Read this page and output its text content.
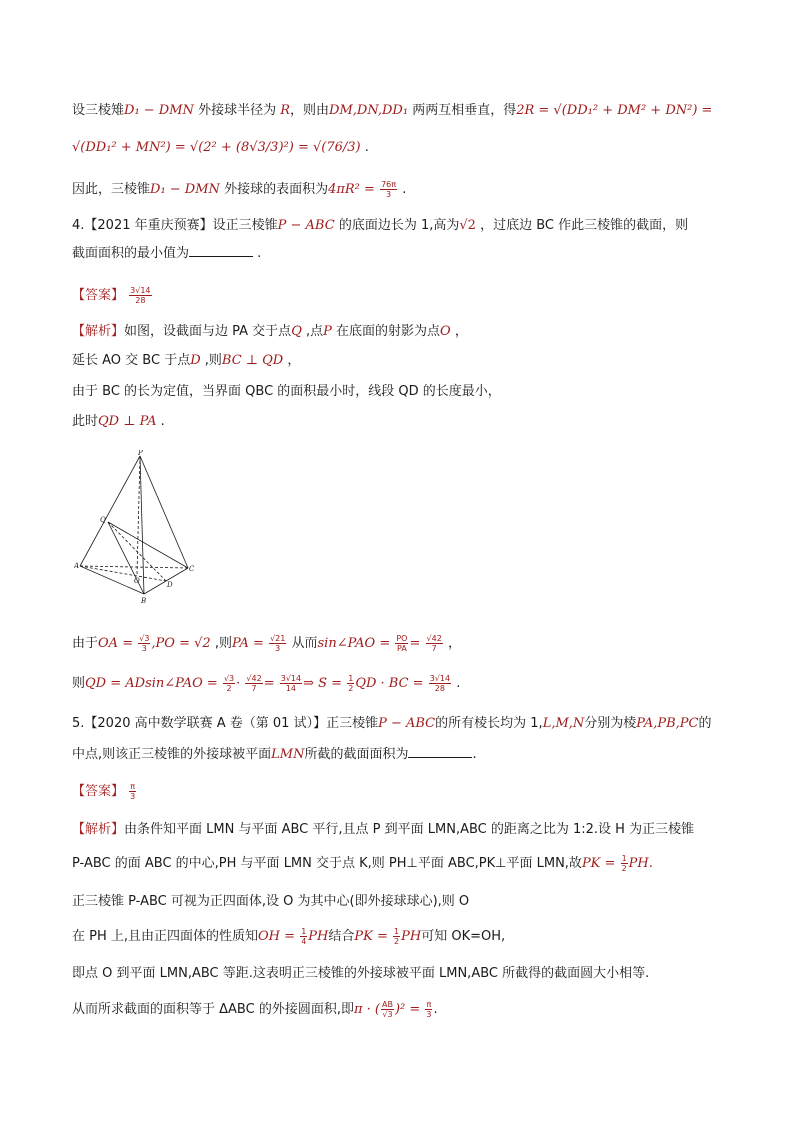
设三棱雉D₁ − DMN 外接球半径为 R，则由DM,DN,DD₁ 两两互相垂直，得2R = √(DD₁² + DM² + DN²) =
√(DD₁² + MN²) = √(2² + (8√3/3)²) = √(76/3) .
因此，三棱锥D₁ − DMN 外接球的表面积为$4\pi R^2 = \frac{76\pi}{3}$ .
4.【2021 年重庆预赛】设正三棱锥P − ABC 的底面边长为 1,高为√2 ，过底边 BC 作此三棱锥的截面，则
截面面积的最小值为	.
【答案】 $\frac{3√14}{28}$
【解析】如图，设截面与边 PA 交于点Q ,点P 在底面的射影为点O ，
延长 AO 交 BC 于点D ,则BC ⊥ QD ，
由于 BC 的长为定值，当界面 QBC 的面积最小时，线段 QD 的长度最小，
此时QD ⊥ PA .
P
Q
A	C
O	D
B
由于OA = $\frac{√3}{3} ,PO = √2$ ,则PA = $\frac{√21}{3}$ 从而sin∠PAO = $\frac{PO}{PA} = \frac{√42}{7}$ ，
则QD = ADsin∠PAO = $\frac{√3}{2} \cdot \frac{√42}{7} = \frac{3√14}{14}$ ⇒ $S = \frac{1}{2}$ QD · BC = $\frac{3√14}{28}$ .
5.【2020 高中数学联赛 A 卷（第 01 试）】正三棱锥P − ABC的所有棱长均为 1,L,M,N分别为棱PA,PB,PC的
中点,则该正三棱锥的外接球被平面LMN所截的截面面积为	.
【答案】 $\frac{\pi}{3}$
【解析】由条件知平面 LMN 与平面 ABC 平行,且点 P 到平面 LMN,ABC 的距离之比为 1:2.设 H 为正三棱锥
P-ABC 的面 ABC 的中心,PH 与平面 LMN 交于点 K,则 PH⊥平面 ABC,PK⊥平面 LMN,故PK = $\frac{1}{2}$ PH.
正三棱锥 P-ABC 可视为正四面体,设 O 为其中心(即外接球球心),则 O
在 PH 上,且由正四面体的性质知OH = $\frac{1}{4}$ PH结合PK = $\frac{1}{2}$ PH可知 OK=OH,
即点 O 到平面 LMN,ABC 等距.这表明正三棱锥的外接球被平面 LMN,ABC 所截得的截面圆大小相等.
从而所求截面的面积等于 ΔABC 的外接圆面积,即π · ( $\frac{AB}{√3} )^2 = \frac{\pi}{3}$ .
